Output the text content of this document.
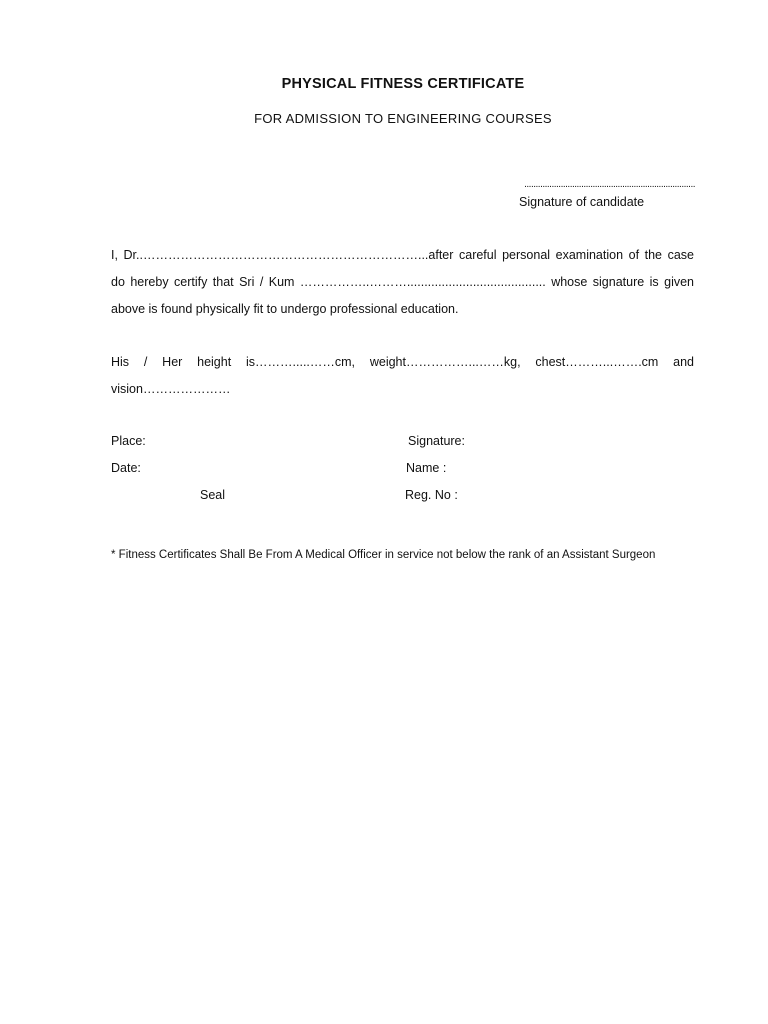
PHYSICAL FITNESS CERTIFICATE
FOR ADMISSION TO ENGINEERING COURSES
...........................................................................
Signature of candidate
I, Dr..…………………………………………………………...after careful personal examination of the case
do hereby certify that Sri / Kum ……………..………........................................ whose signature is given
above is found physically fit to undergo professional education.
His / Her height is……….....……cm, weight……………...……kg, chest………...…….cm and
vision…………………
Place:
Date:
Seal
Signature:
Name :
Reg. No :
* Fitness Certificates Shall Be From A Medical Officer in service not below the rank of an Assistant Surgeon
